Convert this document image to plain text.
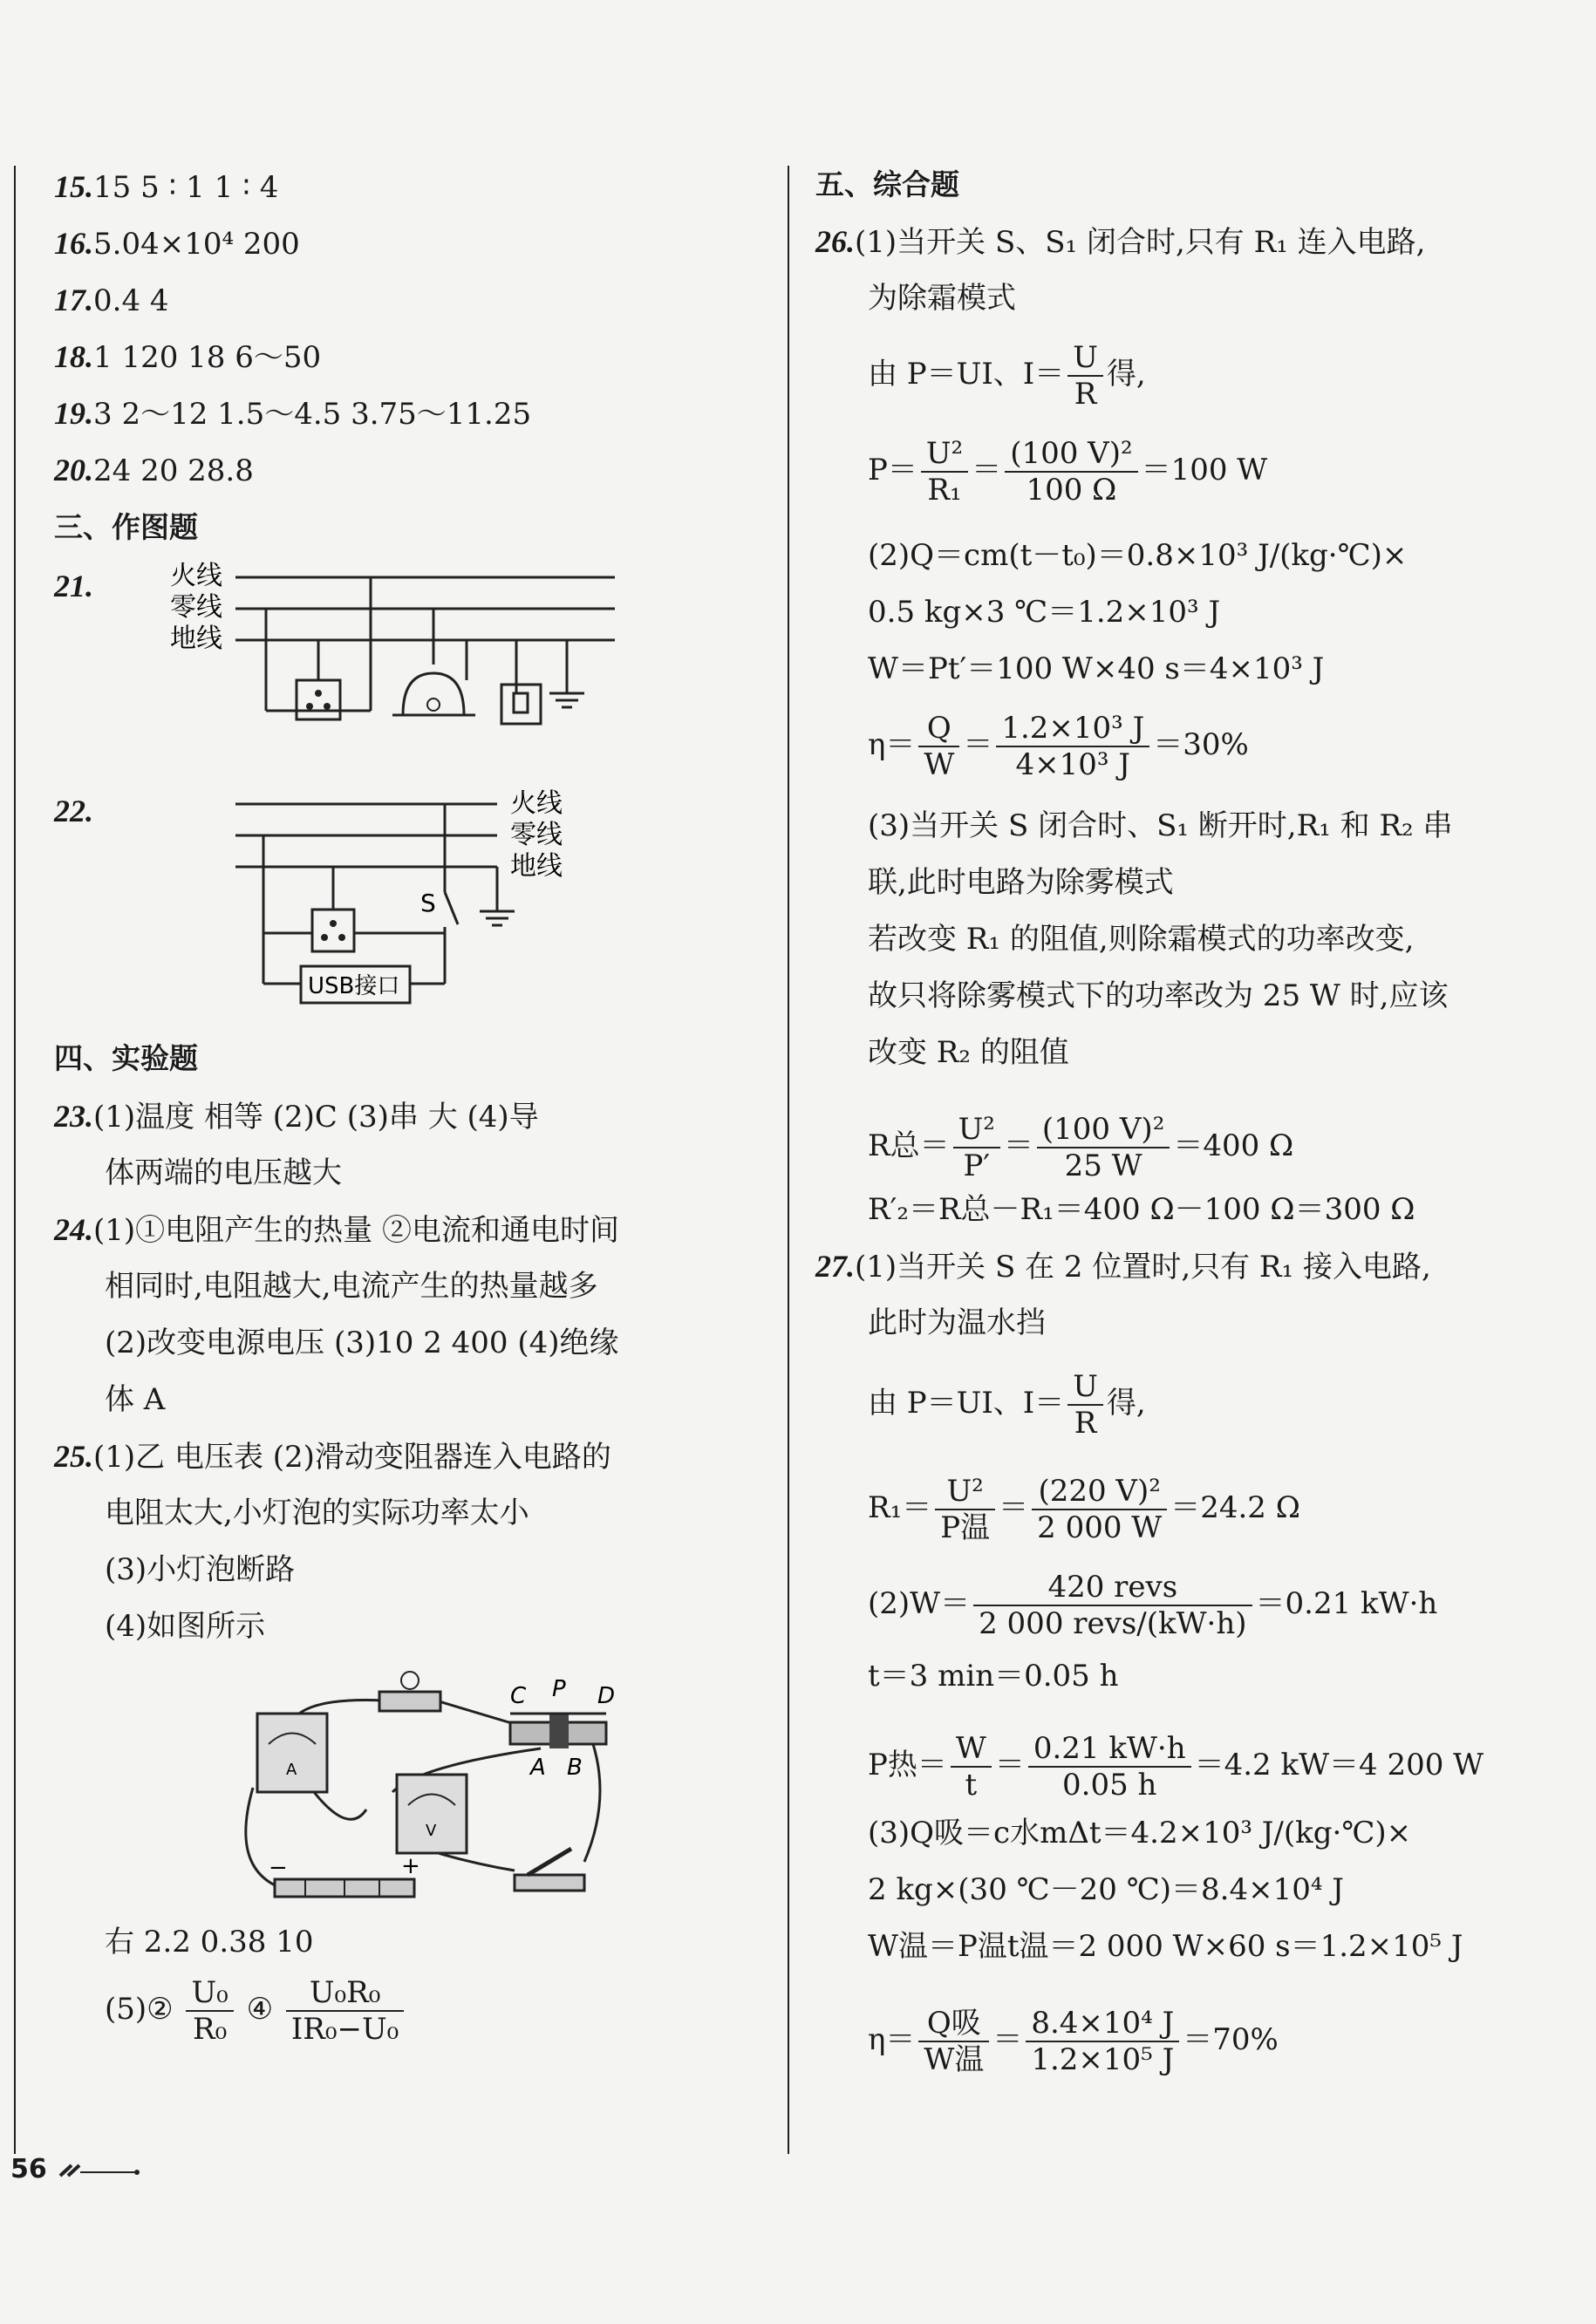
15.15 5 ∶ 1 1 ∶ 4
16.5.04×10⁴ 200
17.0.4 4
18.1 120 18 6～50
19.3 2～12 1.5～4.5 3.75～11.25
20.24 20 28.8
三、作图题
21.	火线
零线
地线
22.
S
USB接口
火线
零线
地线
四、实验题
23.(1)温度 相等 (2)C (3)串 大 (4)导
体两端的电压越大
24.(1)①电阻产生的热量 ②电流和通电时间
相同时,电阻越大,电流产生的热量越多
(2)改变电源电压 (3)10 2 400 (4)绝缘
体 A
25.(1)乙 电压表 (2)滑动变阻器连入电路的
电阻太大,小灯泡的实际功率太小
(3)小灯泡断路
(4)如图所示
A
V
C P D
A B
−	+
右 2.2 0.38 10
(5)② $\frac{\text{U₀}}{\text{R₀}}$ ④ $\frac{\text{U₀R₀}}{\text{IR₀−U₀}}$
五、综合题
26.(1)当开关 S、S₁ 闭合时,只有 R₁ 连入电路,
为除霜模式
由 P＝UI、$I= \frac{U}{R}$ 得,
$P= \frac{\text{U²}}{\text{R₁}} = \frac{\text{(100 V)²}}{100 \Omega} =100$ W
(2)Q＝cm(t－t₀)＝0.8×10³ J/(kg·℃)×
0.5 kg×3 ℃＝1.2×10³ J
W＝Pt′＝100 W×40 s＝4×10³ J
$\eta= \frac{Q}{W} = \frac{\text{1.2×10³ J}}{\text{4×10³ J}} =30\%$
(3)当开关 S 闭合时、S₁ 断开时,R₁ 和 R₂ 串
联,此时电路为除雾模式
若改变 R₁ 的阻值,则除霜模式的功率改变,
故只将除雾模式下的功率改为 25 W 时,应该
改变 R₂ 的阻值
R总＝ $\frac{\text{U²}}{P'} = \frac{\text{(100 V)²}}{25 W} =400$ Ω
R′₂＝R总－R₁＝400 Ω－100 Ω＝300 Ω
27.(1)当开关 S 在 2 位置时,只有 R₁ 接入电路,
此时为温水挡
由 P＝UI、$I= \frac{U}{R}$ 得,
$R_1= \frac{\text{U²}}{\text{P温}} = \frac{\text{(220 V)²}}{2 000 W} =24.2$ Ω
$(2)W= \frac{\text{420 revs}}{\text{2 000 revs/(kW·h)}} =0.21$ kW·h
t＝3 min＝0.05 h
P热＝ $\frac{W}{t} = \frac{0.21 kW\cdot h}{0.05 h} =4.2$ kW＝4 200 W
(3)Q吸＝c水mΔt＝4.2×10³ J/(kg·℃)×
2 kg×(30 ℃－20 ℃)＝8.4×10⁴ J
W温＝P温t温＝2 000 W×60 s＝1.2×10⁵ J
$\eta= \frac{\text{Q吸}}{\text{W温}} = \frac{\text{8.4×10⁴ J}}{\text{1.2×10⁵ J}} =70\%$
56
